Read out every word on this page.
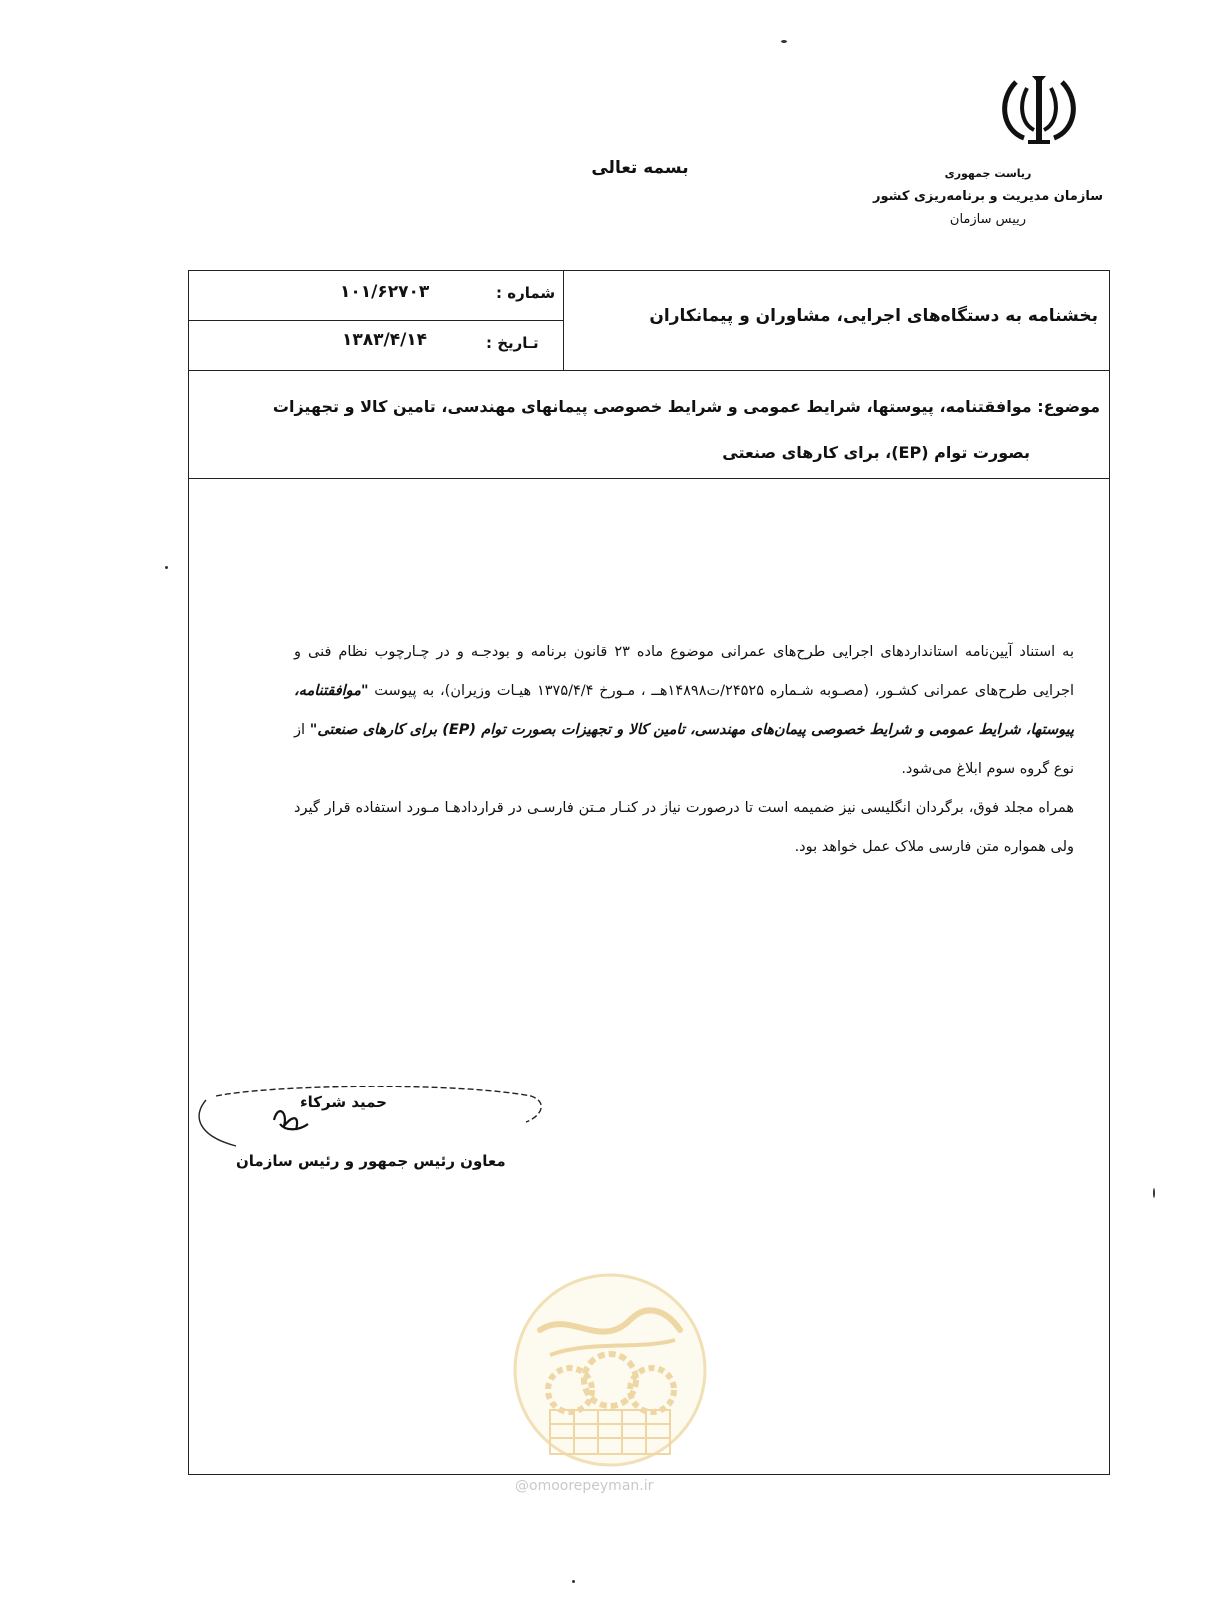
ریاست جمهوری
سازمان مدیریت و برنامه‌ریزی کشور
رییس سازمان
بسمه تعالی
شماره :
۱۰۱/۶۲۷۰۳
تـاریخ :
۱۳۸۳/۴/۱۴
بخشنامه به دستگاه‌های اجرایی، مشاوران و پیمانکاران
موضوع: موافقتنامه، پیوستها، شرایط عمومی و شرایط خصوصی پیمانهای مهندسی، تامین کالا و تجهیزات
بصورت توام (EP)، برای کارهای صنعتی

به استناد آیین‌نامه استانداردهای اجرایی طرح‌های عمرانی موضوع ماده ۲۳ قانون برنامه و بودجـه و در چـارچوب نظام فنی و اجرایی طرح‌های عمرانی کشـور، (مصـوبه شـماره ۲۴۵۲۵/ت۱۴۸۹۸هــ ، مـورخ ۱۳۷۵/۴/۴ هیـات وزیران)، به پیوست "موافقتنامه، پیوستها، شرایط عمومی و شرایط خصوصی پیمان‌های مهندسی، تامین کالا و تجهیزات بصورت توام (EP) برای کارهای صنعتی" از نوع گروه سوم ابلاغ می‌شود.

همراه مجلد فوق، برگردان انگلیسی نیز ضمیمه است تا درصورت نیاز در کنـار مـتن فارسـی در قراردادهـا مـورد استفاده قرار گیرد ولی همواره متن فارسی ملاک عمل خواهد بود.

حمید شرکاء
معاون رئیس جمهور و رئیس سازمان
@omoorepeyman.ir
